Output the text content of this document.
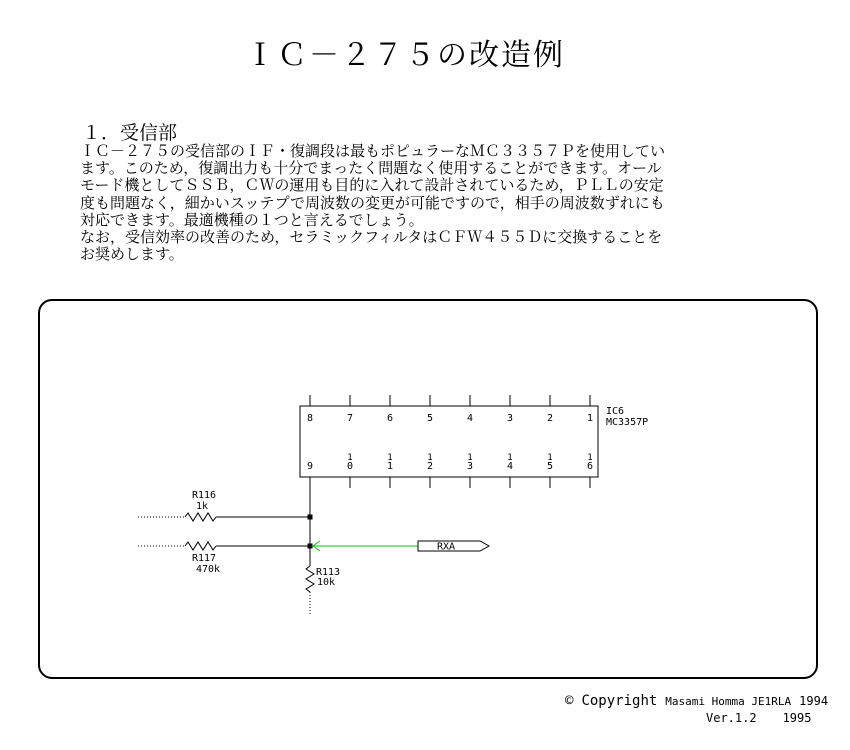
ＩＣ－２７５の改造例
１．受信部
ＩＣ－２７５の受信部のＩＦ・復調段は最もポピュラーなＭＣ３３５７Ｐを使用してい
ます。このため，復調出力も十分でまったく問題なく使用することができます。オール
モード機としてＳＳＢ，ＣＷの運用も目的に入れて設計されているため，ＰＬＬの安定
度も問題なく，細かいスッテプで周波数の変更が可能ですので，相手の周波数ずれにも
対応できます。最適機種の１つと言えるでしょう。
なお，受信効率の改善のため，セラミックフィルタはＣＦＷ４５５Ｄに交換することを
お奨めします。
8	7	6	5	4	3	2	1
9
1
0
1
1
1
2
1
3
1
4
1
5
1
6
IC6
MC3357P
R116
1k
R117
470k	R113
10k
RXA
© Copyright Masami Homma JE1RLA 1994
Ver.1.2 1995
